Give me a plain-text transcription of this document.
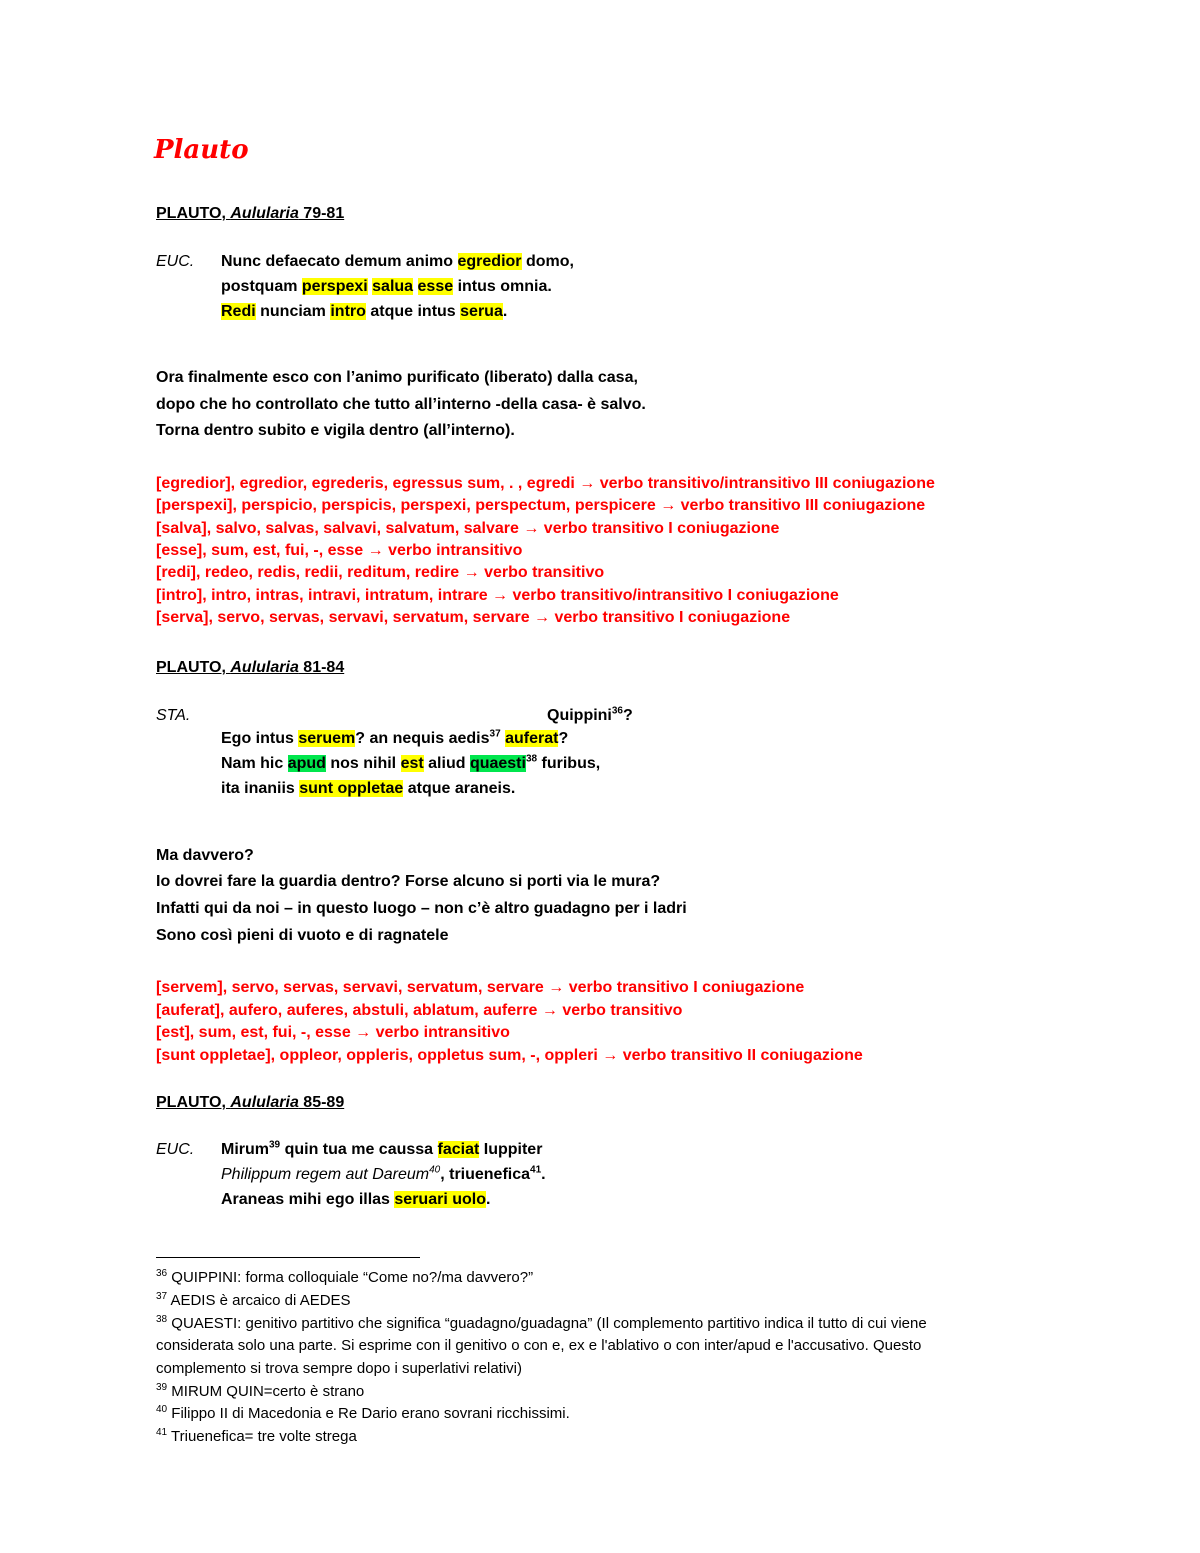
Plauto
PLAUTO, Aulularia 79-81
EUC. Nunc defaecato demum animo egredior domo,
postquam perspexi salua esse intus omnia.
Redi nunciam intro atque intus serua.
Ora finalmente esco con l’animo purificato (liberato) dalla casa,
dopo che ho controllato che tutto all’interno -della casa- è salvo.
Torna dentro subito e vigila dentro (all’interno).
[egredior], egredior, egrederis, egressus sum, . , egredi → verbo transitivo/intransitivo III coniugazione
[perspexi], perspicio, perspicis, perspexi, perspectum, perspicere → verbo transitivo III coniugazione
[salva], salvo, salvas, salvavi, salvatum, salvare → verbo transitivo I coniugazione
[esse], sum, est, fui, -, esse → verbo intransitivo
[redi], redeo, redis, redii, reditum, redire → verbo transitivo
[intro], intro, intras, intravi, intratum, intrare → verbo transitivo/intransitivo I coniugazione
[serva], servo, servas, servavi, servatum, servare → verbo transitivo I coniugazione
PLAUTO, Aulularia 81-84
STA.	Quippini$^{36}$?
Ego intus seruem? an nequis aedis$^{37}$ auferat?
Nam hic apud nos nihil est aliud quaesti$^{38}$ furibus,
ita inaniis sunt oppletae atque araneis.
Ma davvero?
Io dovrei fare la guardia dentro? Forse alcuno si porti via le mura?
Infatti qui da noi – in questo luogo – non c’è altro guadagno per i ladri
Sono così pieni di vuoto e di ragnatele
[servem], servo, servas, servavi, servatum, servare → verbo transitivo I coniugazione
[auferat], aufero, auferes, abstuli, ablatum, auferre → verbo transitivo
[est], sum, est, fui, -, esse → verbo intransitivo
[sunt oppletae], oppleor, oppleris, oppletus sum, -, oppleri → verbo transitivo II coniugazione
PLAUTO, Aulularia 85-89
EUC. Mirum$^{39}$ quin tua me caussa faciat Iuppiter
Philippum regem aut Dareum$^{40}$, triuenefica$^{41}$.
Araneas mihi ego illas seruari uolo.
$^{36}$ QUIPPINI: forma colloquiale “Come no?/ma davvero?”
$^{37}$ AEDIS è arcaico di AEDES
$^{38}$ QUAESTI: genitivo partitivo che significa “guadagno/guadagna” (Il complemento partitivo indica il tutto di cui viene
considerata solo una parte. Si esprime con il genitivo o con e, ex e l'ablativo o con inter/apud e l'accusativo. Questo
complemento si trova sempre dopo i superlativi relativi)
$^{39}$ MIRUM QUIN=certo è strano
$^{40}$ Filippo II di Macedonia e Re Dario erano sovrani ricchissimi.
$^{41}$ Triuenefica= tre volte strega
